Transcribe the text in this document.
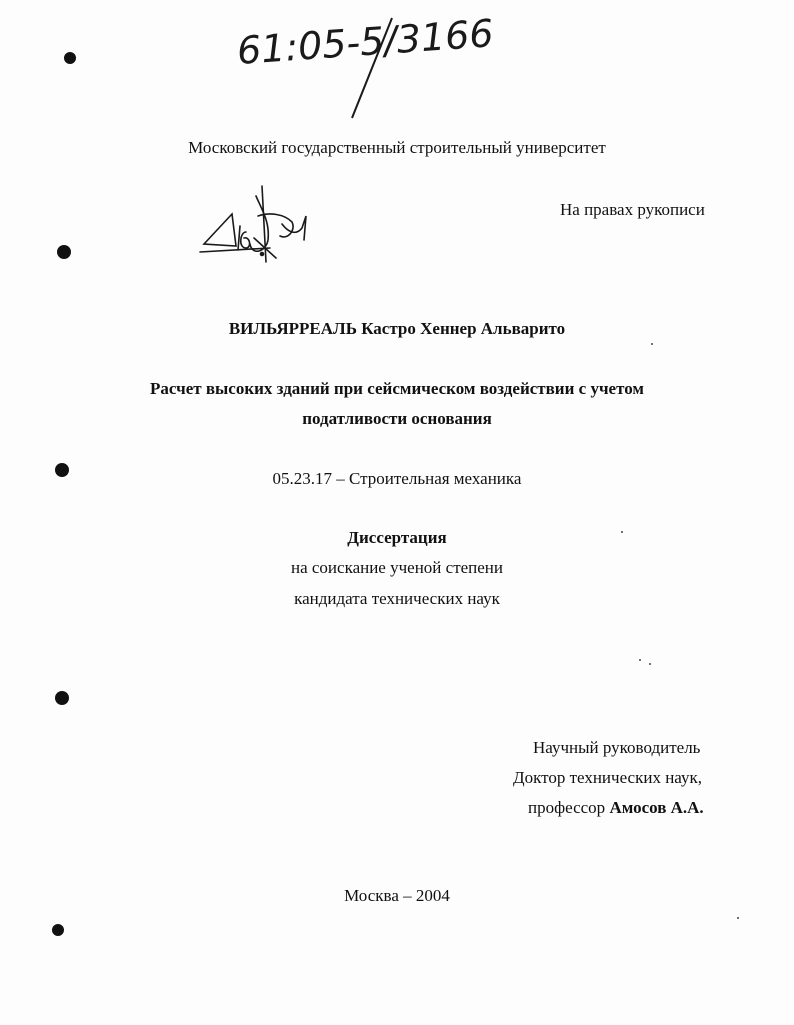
61:05-5/3166
Московский государственный строительный университет
На правах рукописи
ВИЛЬЯРРЕАЛЬ Кастро Хеннер Альварито
Расчет высоких зданий при сейсмическом воздействии с учетом
податливости основания
05.23.17 – Строительная механика
Диссертация
на соискание ученой степени
кандидата технических наук
Научный руководитель
Доктор технических наук,
профессор Амосов А.А.
Москва – 2004
